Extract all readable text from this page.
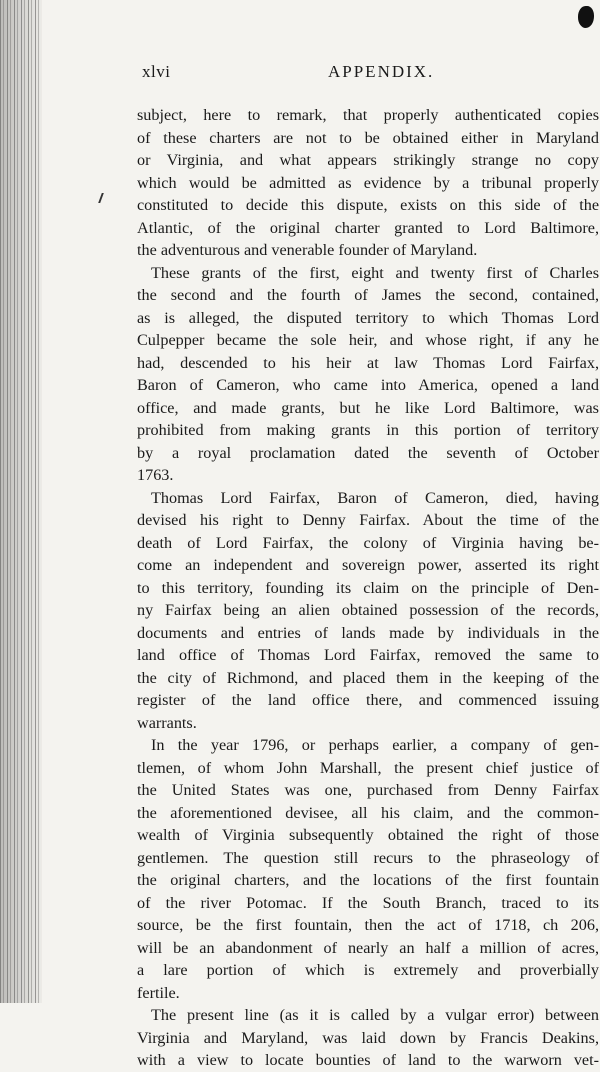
xlvi	APPENDIX.
subject, here to remark, that properly authenticated copies
of these charters are not to be obtained either in Maryland
or Virginia, and what appears strikingly strange no copy
which would be admitted as evidence by a tribunal properly
constituted to decide this dispute, exists on this side of the
Atlantic, of the original charter granted to Lord Baltimore,
the adventurous and venerable founder of Maryland.
These grants of the first, eight and twenty first of Charles
the second and the fourth of James the second, contained,
as is alleged, the disputed territory to which Thomas Lord
Culpepper became the sole heir, and whose right, if any he
had, descended to his heir at law Thomas Lord Fairfax,
Baron of Cameron, who came into America, opened a land
office, and made grants, but he like Lord Baltimore, was
prohibited from making grants in this portion of territory
by a royal proclamation dated the seventh of October
1763.
Thomas Lord Fairfax, Baron of Cameron, died, having
devised his right to Denny Fairfax. About the time of the
death of Lord Fairfax, the colony of Virginia having be-
come an independent and sovereign power, asserted its right
to this territory, founding its claim on the principle of Den-
ny Fairfax being an alien obtained possession of the records,
documents and entries of lands made by individuals in the
land office of Thomas Lord Fairfax, removed the same to
the city of Richmond, and placed them in the keeping of the
register of the land office there, and commenced issuing
warrants.
In the year 1796, or perhaps earlier, a company of gen-
tlemen, of whom John Marshall, the present chief justice of
the United States was one, purchased from Denny Fairfax
the aforementioned devisee, all his claim, and the common-
wealth of Virginia subsequently obtained the right of those
gentlemen. The question still recurs to the phraseology of
the original charters, and the locations of the first fountain
of the river Potomac. If the South Branch, traced to its
source, be the first fountain, then the act of 1718, ch 206,
will be an abandonment of nearly an half a million of acres,
a lare portion of which is extremely and proverbially
fertile.
The present line (as it is called by a vulgar error) between
Virginia and Maryland, was laid down by Francis Deakins,
with a view to locate bounties of land to the warworn vet-
